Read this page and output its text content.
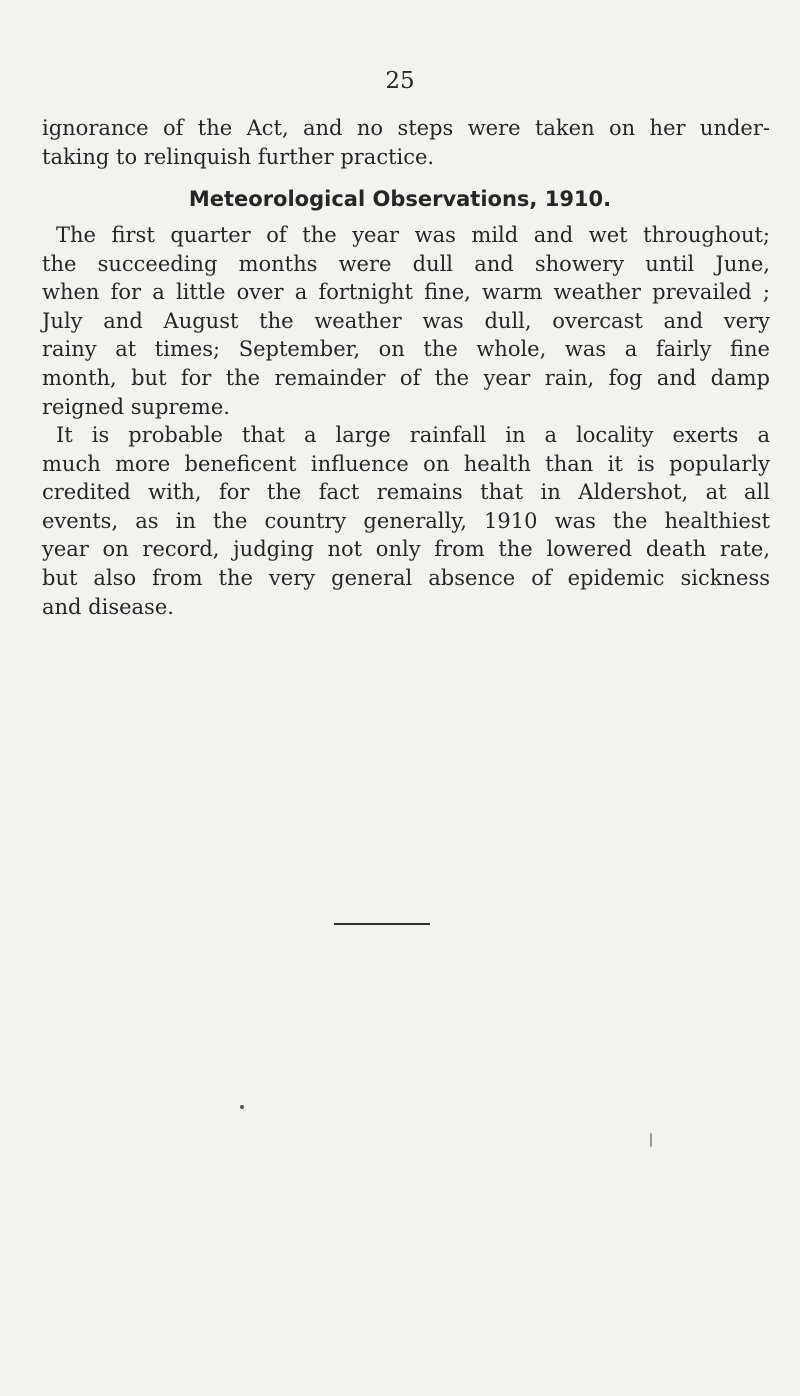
25
ignorance of the Act, and no steps were taken on her under-
taking to relinquish further practice.
Meteorological Observations, 1910.
The first quarter of the year was mild and wet throughout;
the succeeding months were dull and showery until June,
when for a little over a fortnight fine, warm weather prevailed ;
July and August the weather was dull, overcast and very
rainy at times; September, on the whole, was a fairly fine
month, but for the remainder of the year rain, fog and damp
reigned supreme.
It is probable that a large rainfall in a locality exerts a
much more beneficent influence on health than it is popularly
credited with, for the fact remains that in Aldershot, at all
events, as in the country generally, 1910 was the healthiest
year on record, judging not only from the lowered death rate,
but also from the very general absence of epidemic sickness
and disease.
